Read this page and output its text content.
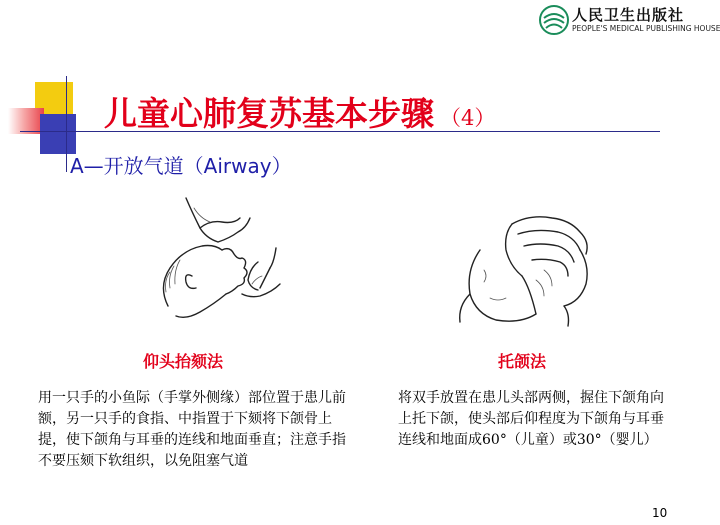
人民卫生出版社
PEOPLE'S MEDICAL PUBLISHING HOUSE
儿童心肺复苏基本步骤 （4）
A—开放气道（Airway）
仰头抬颏法	托颌法
用一只手的小鱼际（手掌外侧缘）部位置于患儿前额，另一只手的食指、中指置于下颏将下颌骨上提，使下颌角与耳垂的连线和地面垂直；注意手指不要压颏下软组织，以免阻塞气道
将双手放置在患儿头部两侧，握住下颌角向上托下颌，使头部后仰程度为下颌角与耳垂连线和地面成60°（儿童）或30°（婴儿）
10
